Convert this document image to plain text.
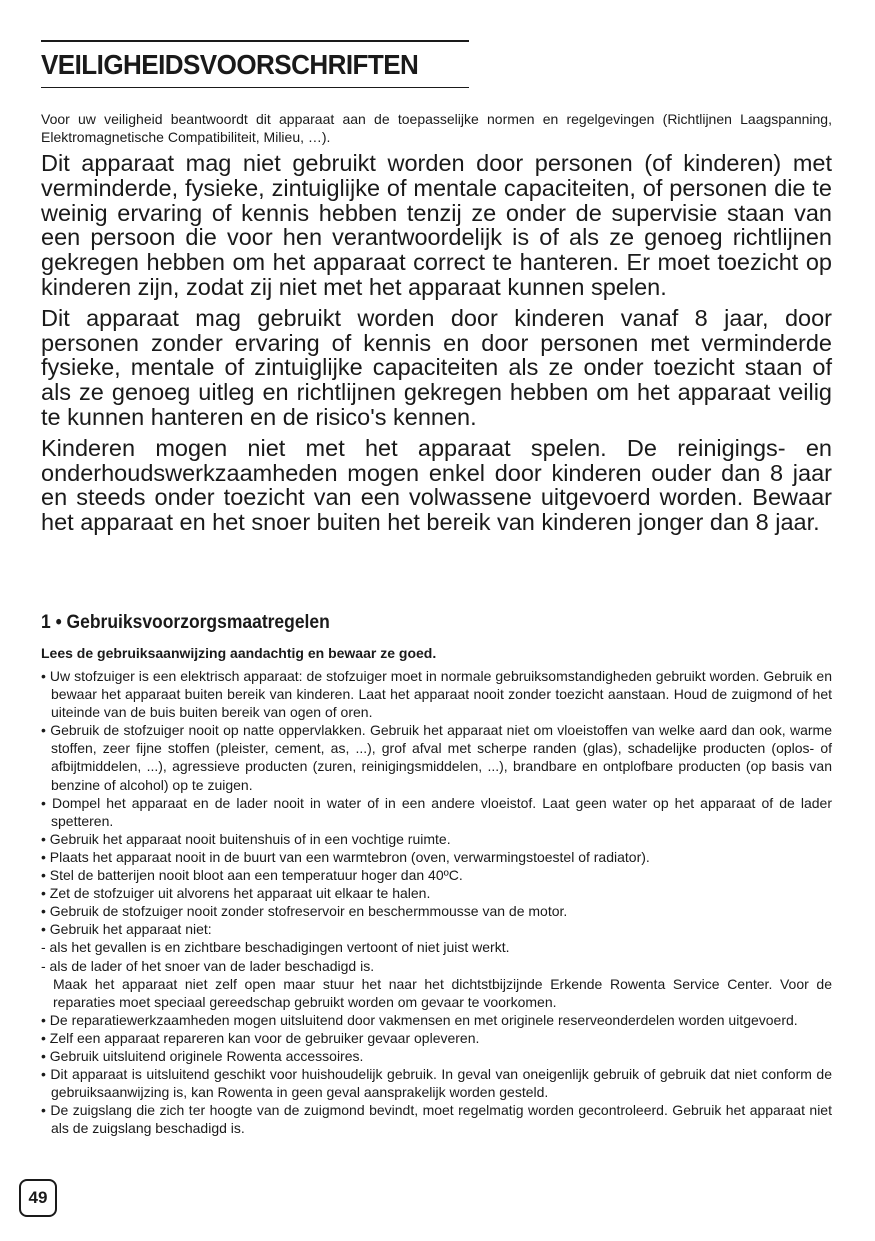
VEILIGHEIDSVOORSCHRIFTEN

Voor uw veiligheid beantwoordt dit apparaat aan de toepasselijke normen en regelgevingen (Richtlijnen Laagspanning, Elektromagnetische Compatibiliteit, Milieu, …).

Dit apparaat mag niet gebruikt worden door personen (of kinderen) met verminderde, fysieke, zintuiglijke of mentale capaciteiten, of personen die te weinig ervaring of kennis hebben tenzij ze onder de supervisie staan van een persoon die voor hen verantwoordelijk is of als ze genoeg richtlijnen gekregen hebben om het apparaat correct te hanteren. Er moet toezicht op kinderen zijn, zodat zij niet met het apparaat kunnen spelen.

Dit apparaat mag gebruikt worden door kinderen vanaf 8 jaar, door personen zonder ervaring of kennis en door personen met verminderde fysieke, mentale of zintuiglijke capaciteiten als ze onder toezicht staan of als ze genoeg uitleg en richtlijnen gekregen hebben om het apparaat veilig te kunnen hanteren en de risico's kennen.

Kinderen mogen niet met het apparaat spelen. De reinigings- en onderhoudswerkzaamheden mogen enkel door kinderen ouder dan 8 jaar en steeds onder toezicht van een volwassene uitgevoerd worden. Bewaar het apparaat en het snoer buiten het bereik van kinderen jonger dan 8 jaar.

1 • Gebruiksvoorzorgsmaatregelen
Lees de gebruiksaanwijzing aandachtig en bewaar ze goed.
• Uw stofzuiger is een elektrisch apparaat: de stofzuiger moet in normale gebruiksomstandigheden gebruikt worden. Gebruik en bewaar het apparaat buiten bereik van kinderen. Laat het apparaat nooit zonder toezicht aanstaan. Houd de zuigmond of het uiteinde van de buis buiten bereik van ogen of oren.
• Gebruik de stofzuiger nooit op natte oppervlakken. Gebruik het apparaat niet om vloeistoffen van welke aard dan ook, warme stoffen, zeer fijne stoffen (pleister, cement, as, ...), grof afval met scherpe randen (glas), schadelijke producten (oplos- of afbijtmiddelen, ...), agressieve producten (zuren, reinigingsmiddelen, ...), brandbare en ontplofbare producten (op basis van benzine of alcohol) op te zuigen.
• Dompel het apparaat en de lader nooit in water of in een andere vloeistof. Laat geen water op het apparaat of de lader spetteren.
• Gebruik het apparaat nooit buitenshuis of in een vochtige ruimte.
• Plaats het apparaat nooit in de buurt van een warmtebron (oven, verwarmingstoestel of radiator).
• Stel de batterijen nooit bloot aan een temperatuur hoger dan 40ºC.
• Zet de stofzuiger uit alvorens het apparaat uit elkaar te halen.
• Gebruik de stofzuiger nooit zonder stofreservoir en beschermmousse van de motor.
• Gebruik het apparaat niet:
- als het gevallen is en zichtbare beschadigingen vertoont of niet juist werkt.
- als de lader of het snoer van de lader beschadigd is.
Maak het apparaat niet zelf open maar stuur het naar het dichtstbijzijnde Erkende Rowenta Service Center. Voor de reparaties moet speciaal gereedschap gebruikt worden om gevaar te voorkomen.
• De reparatiewerkzaamheden mogen uitsluitend door vakmensen en met originele reserveonderdelen worden uitgevoerd.
• Zelf een apparaat repareren kan voor de gebruiker gevaar opleveren.
• Gebruik uitsluitend originele Rowenta accessoires.
• Dit apparaat is uitsluitend geschikt voor huishoudelijk gebruik. In geval van oneigenlijk gebruik of gebruik dat niet conform de gebruiksaanwijzing is, kan Rowenta in geen geval aansprakelijk worden gesteld.
• De zuigslang die zich ter hoogte van de zuigmond bevindt, moet regelmatig worden gecontroleerd. Gebruik het apparaat niet als de zuigslang beschadigd is.
49
